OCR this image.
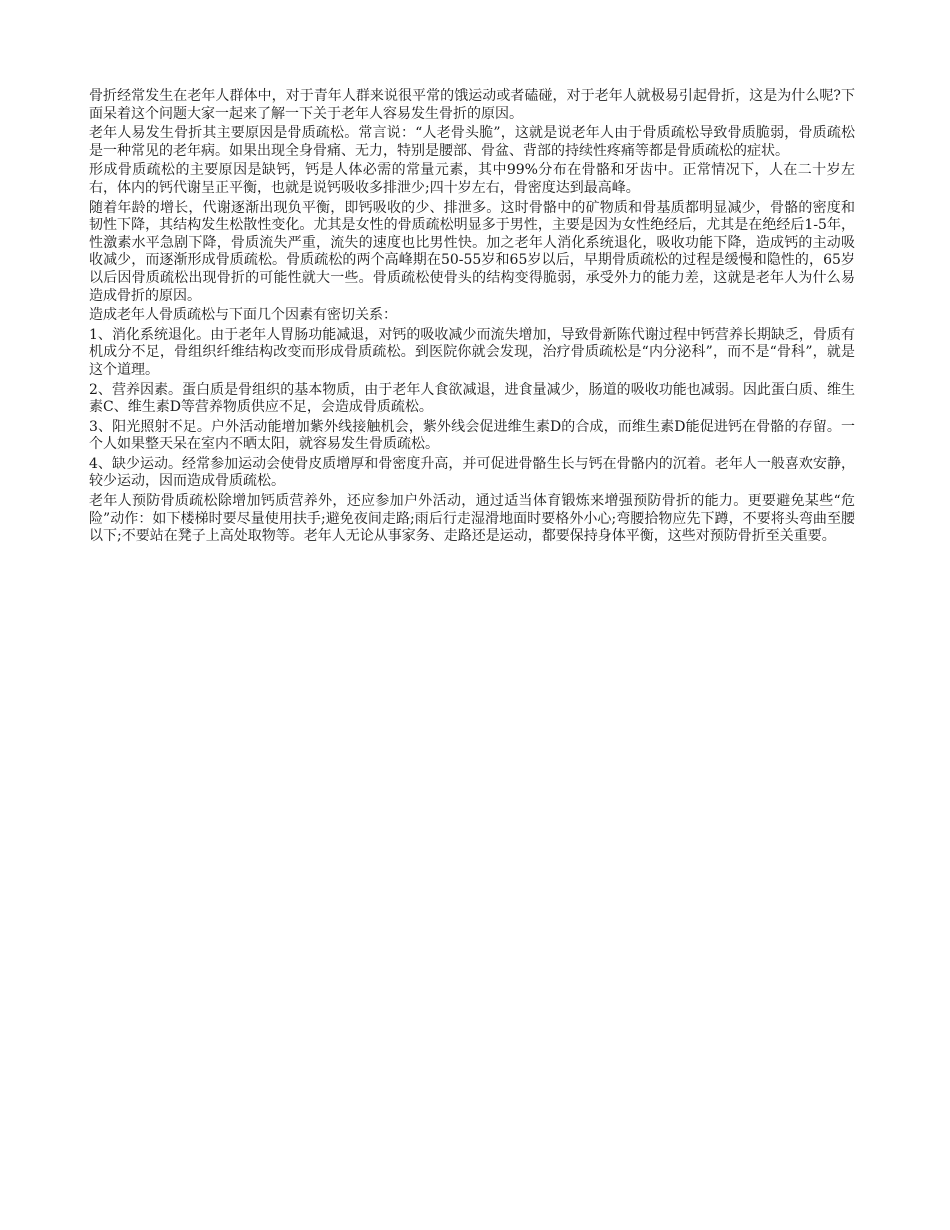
骨折经常发生在老年人群体中，对于青年人群来说很平常的饿运动或者磕碰，对于老年人就极易引起骨折，这是为什么呢?下面呆着这个问题大家一起来了解一下关于老年人容易发生骨折的原因。

老年人易发生骨折其主要原因是骨质疏松。常言说：“人老骨头脆”，这就是说老年人由于骨质疏松导致骨质脆弱，骨质疏松是一种常见的老年病。如果出现全身骨痛、无力，特别是腰部、骨盆、背部的持续性疼痛等都是骨质疏松的症状。

形成骨质疏松的主要原因是缺钙，钙是人体必需的常量元素，其中99%分布在骨骼和牙齿中。正常情况下，人在二十岁左右，体内的钙代谢呈正平衡，也就是说钙吸收多排泄少;四十岁左右，骨密度达到最高峰。

随着年龄的增长，代谢逐渐出现负平衡，即钙吸收的少、排泄多。这时骨骼中的矿物质和骨基质都明显减少，骨骼的密度和韧性下降，其结构发生松散性变化。尤其是女性的骨质疏松明显多于男性，主要是因为女性绝经后，尤其是在绝经后1-5年，性激素水平急剧下降，骨质流失严重，流失的速度也比男性快。加之老年人消化系统退化，吸收功能下降，造成钙的主动吸收减少，而逐渐形成骨质疏松。骨质疏松的两个高峰期在50-55岁和65岁以后，早期骨质疏松的过程是缓慢和隐性的，65岁以后因骨质疏松出现骨折的可能性就大一些。骨质疏松使骨头的结构变得脆弱，承受外力的能力差，这就是老年人为什么易造成骨折的原因。

造成老年人骨质疏松与下面几个因素有密切关系：

1、消化系统退化。由于老年人胃肠功能减退，对钙的吸收减少而流失增加，导致骨新陈代谢过程中钙营养长期缺乏，骨质有机成分不足，骨组织纤维结构改变而形成骨质疏松。到医院你就会发现，治疗骨质疏松是“内分泌科”，而不是“骨科”，就是这个道理。

2、营养因素。蛋白质是骨组织的基本物质，由于老年人食欲减退，进食量减少，肠道的吸收功能也减弱。因此蛋白质、维生素C、维生素D等营养物质供应不足，会造成骨质疏松。

3、阳光照射不足。户外活动能增加紫外线接触机会，紫外线会促进维生素D的合成，而维生素D能促进钙在骨骼的存留。一个人如果整天呆在室内不晒太阳，就容易发生骨质疏松。

4、缺少运动。经常参加运动会使骨皮质增厚和骨密度升高，并可促进骨骼生长与钙在骨骼内的沉着。老年人一般喜欢安静，较少运动，因而造成骨质疏松。

老年人预防骨质疏松除增加钙质营养外，还应参加户外活动，通过适当体育锻炼来增强预防骨折的能力。更要避免某些“危险”动作：如下楼梯时要尽量使用扶手;避免夜间走路;雨后行走湿滑地面时要格外小心;弯腰拾物应先下蹲，不要将头弯曲至腰以下;不要站在凳子上高处取物等。老年人无论从事家务、走路还是运动，都要保持身体平衡，这些对预防骨折至关重要。
